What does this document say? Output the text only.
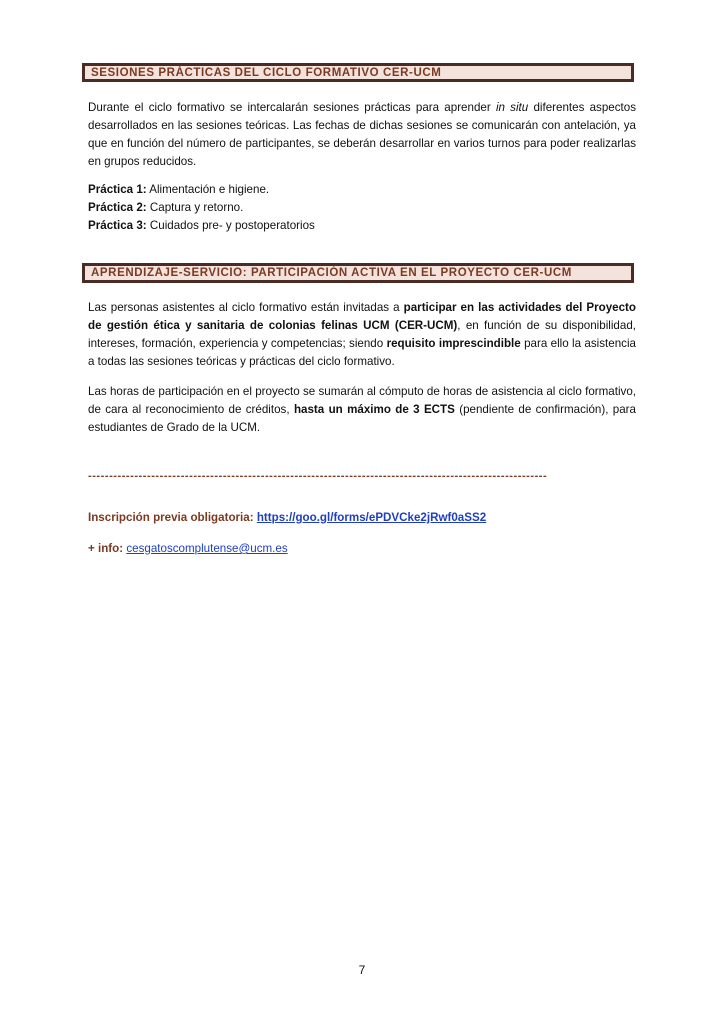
SESIONES PRÁCTICAS DEL CICLO FORMATIVO CER-UCM

Durante el ciclo formativo se intercalarán sesiones prácticas para aprender in situ diferentes aspectos desarrollados en las sesiones teóricas. Las fechas de dichas sesiones se comunicarán con antelación, ya que en función del número de participantes, se deberán desarrollar en varios turnos para poder realizarlas en grupos reducidos.

Práctica 1: Alimentación e higiene.
Práctica 2: Captura y retorno.
Práctica 3: Cuidados pre- y postoperatorios
APRENDIZAJE-SERVICIO: PARTICIPACIÓN ACTIVA EN EL PROYECTO CER-UCM

Las personas asistentes al ciclo formativo están invitadas a participar en las actividades del Proyecto de gestión ética y sanitaria de colonias felinas UCM (CER-UCM), en función de su disponibilidad, intereses, formación, experiencia y competencias; siendo requisito imprescindible para ello la asistencia a todas las sesiones teóricas y prácticas del ciclo formativo.

Las horas de participación en el proyecto se sumarán al cómputo de horas de asistencia al ciclo formativo, de cara al reconocimiento de créditos, hasta un máximo de 3 ECTS (pendiente de confirmación), para estudiantes de Grado de la UCM.

-------------------------------------------------------------------------------------------------------------
Inscripción previa obligatoria: https://goo.gl/forms/ePDVCke2jRwf0aSS2
+ info: cesgatoscomplutense@ucm.es
7
